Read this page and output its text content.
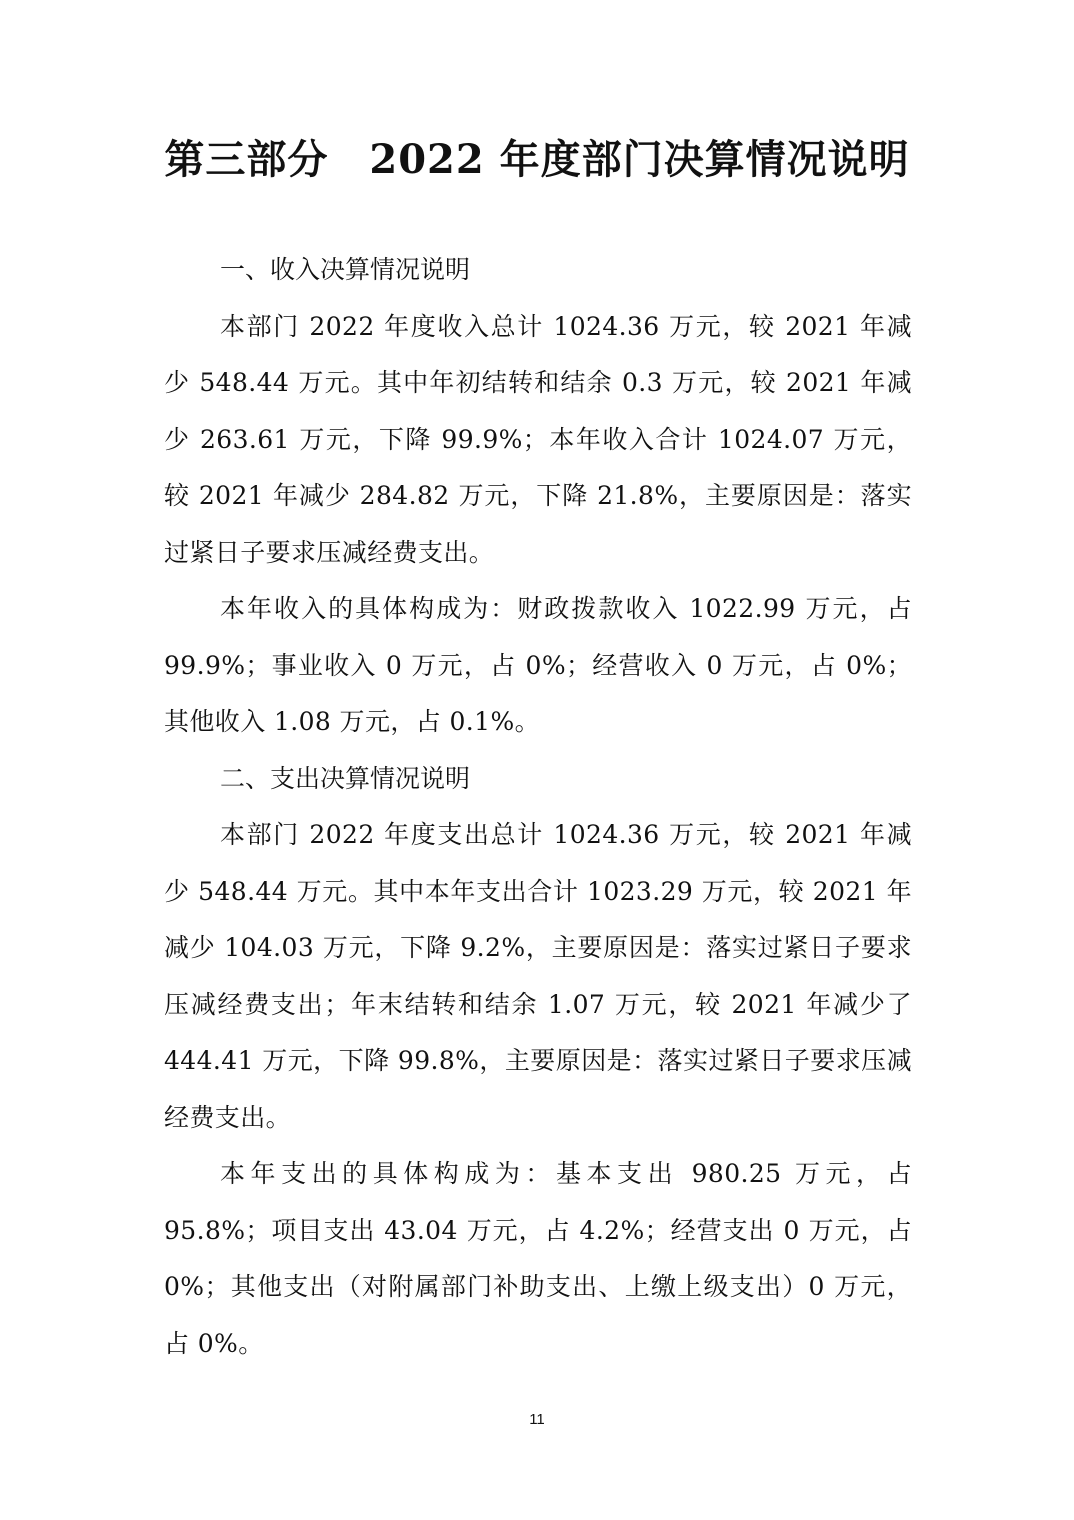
第三部分　2022 年度部门决算情况说明
一、收入决算情况说明

本部门 2022 年度收入总计 1024.36 万元，较 2021 年减少 548.44 万元。其中年初结转和结余 0.3 万元，较 2021 年减少 263.61 万元，下降 99.9%；本年收入合计 1024.07 万元，较 2021 年减少 284.82 万元，下降 21.8%，主要原因是：落实过紧日子要求压减经费支出。

本年收入的具体构成为：财政拨款收入 1022.99 万元，占 99.9%；事业收入 0 万元，占 0%；经营收入 0 万元，占 0%；其他收入 1.08 万元，占 0.1%。

二、支出决算情况说明

本部门 2022 年度支出总计 1024.36 万元，较 2021 年减少 548.44 万元。其中本年支出合计 1023.29 万元，较 2021 年减少 104.03 万元，下降 9.2%，主要原因是：落实过紧日子要求压减经费支出；年末结转和结余 1.07 万元，较 2021 年减少了 444.41 万元，下降 99.8%，主要原因是：落实过紧日子要求压减经费支出。

本年支出的具体构成为：基本支出 980.25 万元，占 95.8%；项目支出 43.04 万元，占 4.2%；经营支出 0 万元，占 0%；其他支出（对附属部门补助支出、上缴上级支出）0 万元，占 0%。

11
